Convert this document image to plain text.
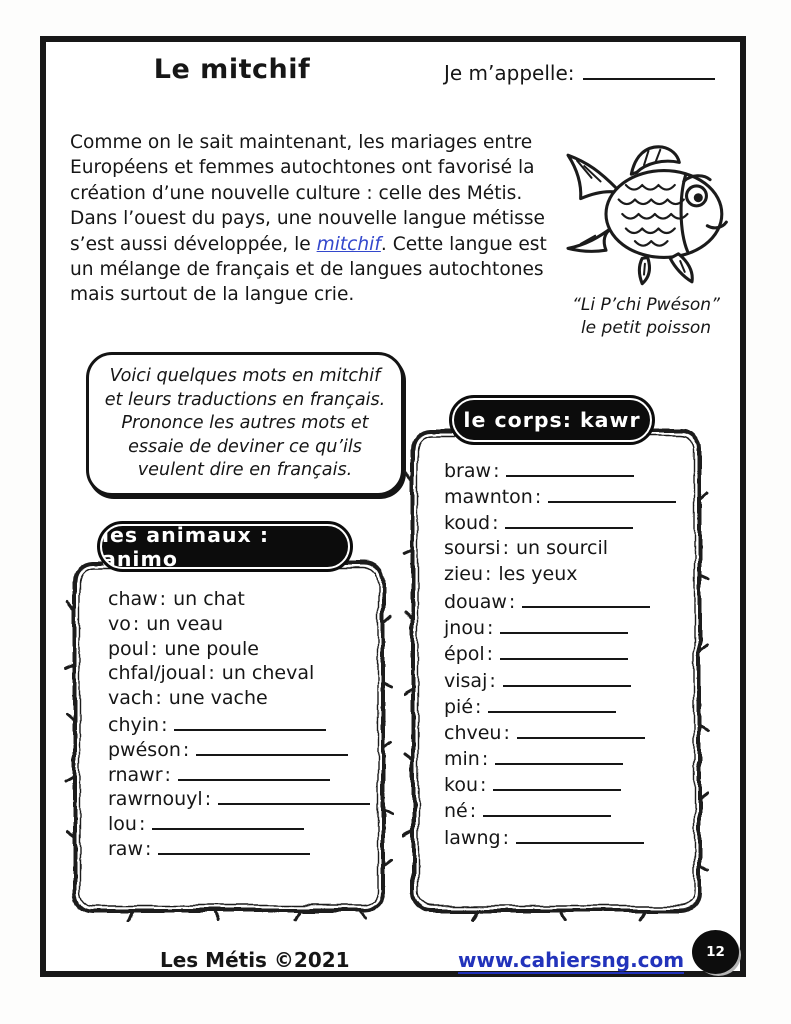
Le mitchif	Je m’appelle:

Comme on le sait maintenant, les mariages entre Européens et femmes autochtones ont favorisé la création d’une nouvelle culture : celle des Métis. Dans l’ouest du pays, une nouvelle langue métisse s’est aussi développée, le mitchif. Cette langue est un mélange de français et de langues autochtones mais surtout de la langue crie.	“Li P’chi Pwéson”
le petit poisson
Voici quelques mots en mitchif et leurs traductions en français. Prononce les autres mots et essaie de deviner ce qu’ils veulent dire en français.
les animaux : animo
le corps: kawr
chaw : un chat
vo : un veau
poul : une poule
chfal/joual : un cheval
vach : une vache
chyin :
pwéson :
rnawr :
rawrnouyl :
lou :
raw :
braw :
mawnton :
koud :
soursi : un sourcil
zieu : les yeux
douaw :
jnou :
épol :
visaj :
pié :
chveu :
min :
kou :
né :
lawng :
Les Métis ©2021	www.cahiersng.com	12
